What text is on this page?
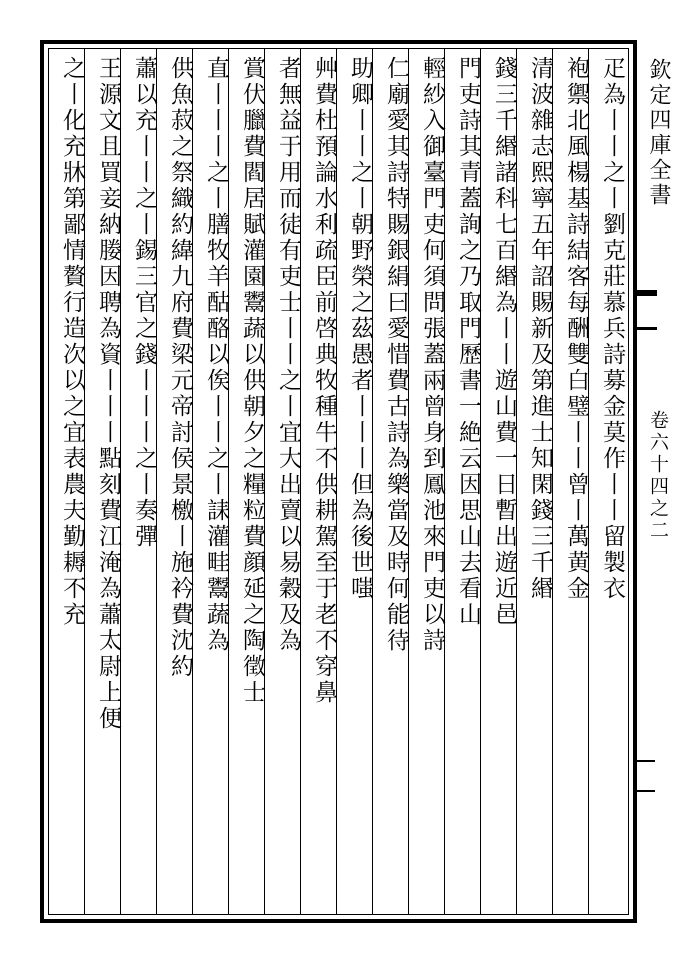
疋為丨丨之丨劉克莊慕兵詩募金莫作丨丨留製衣
袍禦北風楊基詩結客每酬雙白璧丨丨曾丨萬黄金
清波雜志熙寧五年詔賜新及第進士知閑錢三千緡
錢三千緡諸科七百緡為丨丨遊山費一日暫出遊近邑
門吏詩其青蓋詢之乃取門歷書一絶云因思山去看山
輕紗入御臺門吏何須問張蓋兩曾身到鳳池來門吏以詩
仁廟愛其詩特賜銀絹曰愛惜費古詩為樂當及時何能待
助卿丨丨之丨朝野榮之茲愚者丨丨丨但為後世嗤
艸費杜預論水利疏臣前啓典牧種牛不供耕駕至于老不穿鼻
者無益于用而徒有吏士丨丨之丨宜大出賣以易穀及為
賞伏臘費閻居賦灌園鬻蔬以供朝夕之糧粒費顔延之陶徵士
直丨丨丨之丨膳牧羊酤酪以俟丨丨之丨誄灌畦鬻蔬為
供魚菽之祭織約緯九府費梁元帝討侯景檄丨施衿費沈約
蕭以充丨丨之丨錫三官之錢丨丨丨之丨奏彈
王源文且買妾納媵因聘為資丨丨丨點刻費江淹為蕭太尉上便
之丨化充牀第鄙情贅行造次以之宜表農夫勤耨不充	欽定四庫全書
卷六十四之二
